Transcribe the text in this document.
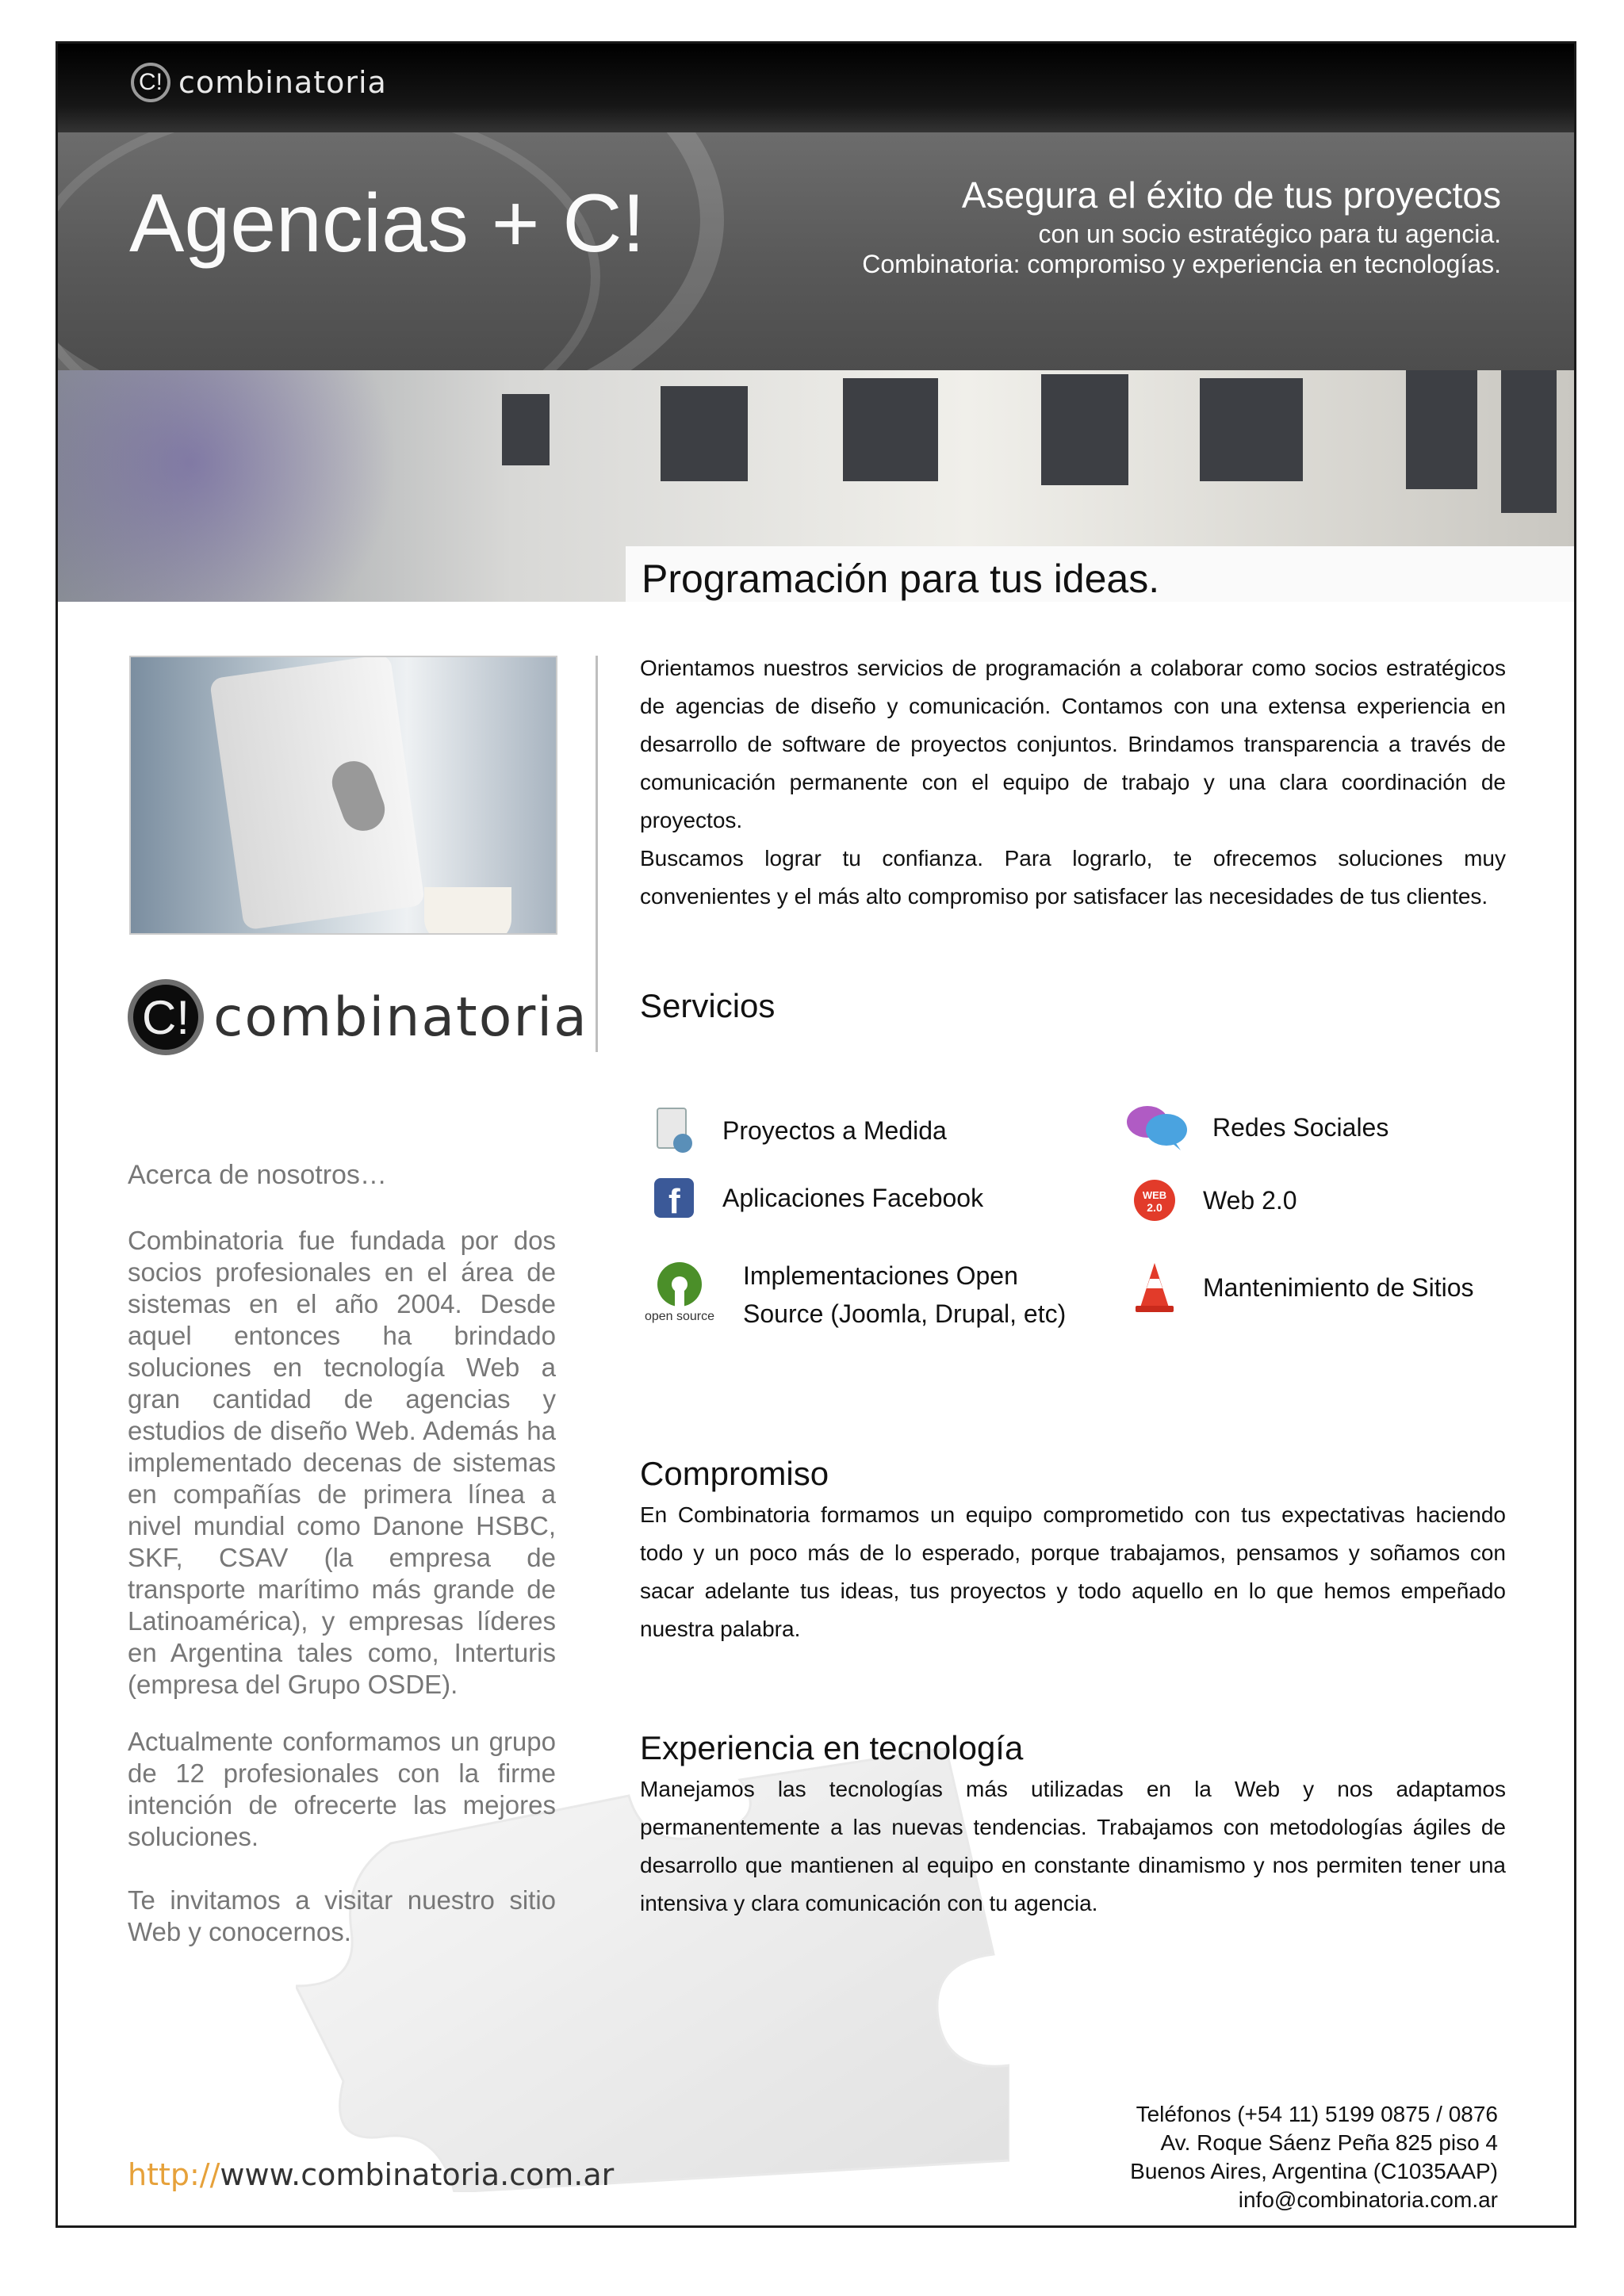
C! combinatoria
Agencias + C!	Asegura el éxito de tus proyectos
con un socio estratégico para tu agencia.
Combinatoria: compromiso y experiencia en tecnologías.
Programación para tus ideas.
C! combinatoria
Acerca de nosotros…

Combinatoria fue fundada por dos socios profesionales en el área de sistemas en el año 2004. Desde aquel entonces ha brindado soluciones en tecnología Web a gran cantidad de agencias y estudios de diseño Web. Además ha implementado decenas de sistemas en compañías de primera línea a nivel mundial como Danone HSBC, SKF, CSAV (la empresa de transporte marítimo más grande de Latinoamérica), y empresas líderes en Argentina tales como, Interturis (empresa del Grupo OSDE).

Actualmente conformamos un grupo de 12 profesionales con la firme intención de ofrecerte las mejores soluciones.

Te invitamos a visitar nuestro sitio Web y conocernos.

Orientamos nuestros servicios de programación a colaborar como socios estratégicos de agencias de diseño y comunicación. Contamos con una extensa experiencia en desarrollo de software de proyectos conjuntos. Brindamos transparencia a través de comunicación permanente con el equipo de trabajo y una clara coordinación de proyectos.

Buscamos lograr tu confianza. Para lograrlo, te ofrecemos soluciones muy convenientes y el más alto compromiso por satisfacer las necesidades de tus clientes.

Servicios
Proyectos a Medida
f Aplicaciones Facebook
open source
Implementaciones Open Source (Joomla, Drupal, etc)
Redes Sociales
WEB
2.0 Web 2.0
Mantenimiento de Sitios
Compromiso

En Combinatoria formamos un equipo comprometido con tus expectativas haciendo todo y un poco más de lo esperado, porque trabajamos, pensamos y soñamos con sacar adelante tus ideas, tus proyectos y todo aquello en lo que hemos empeñado nuestra palabra.

Experiencia en tecnología

Manejamos las tecnologías más utilizadas en la Web y nos adaptamos permanentemente a las nuevas tendencias. Trabajamos con metodologías ágiles de desarrollo que mantienen al equipo en constante dinamismo y nos permiten tener una intensiva y clara comunicación con tu agencia.

http://www.combinatoria.com.ar
Teléfonos (+54 11) 5199 0875 / 0876
Av. Roque Sáenz Peña 825 piso 4
Buenos Aires, Argentina (C1035AAP)
info@combinatoria.com.ar
